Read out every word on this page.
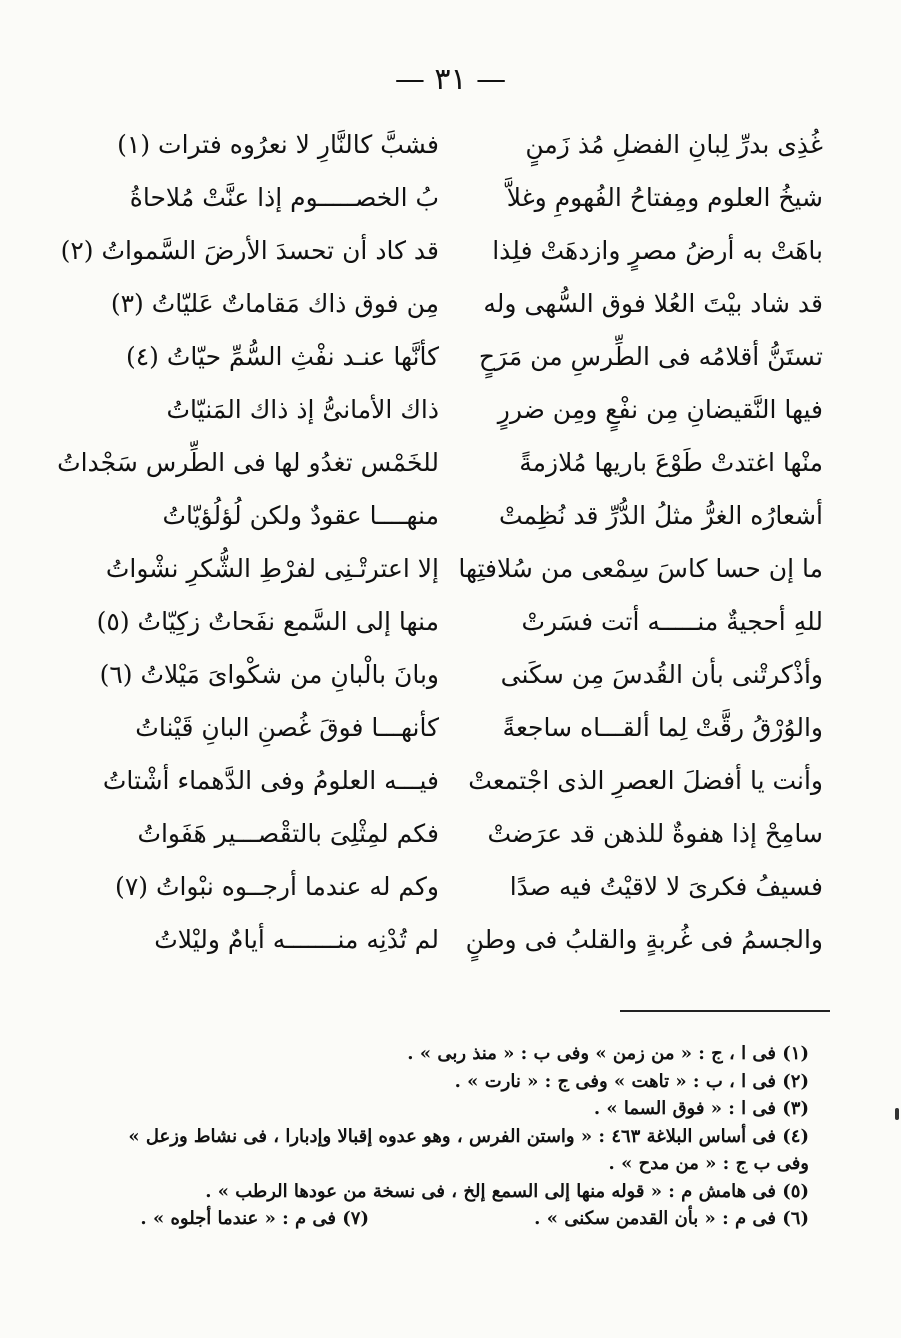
— ٣١ —
غُذِى بدرِّ لِبانِ الفضلِ مُذ زَمنٍ
فشبَّ كالنَّارِ لا نعرُوه فترات (١)
شيخُ العلوم ومِفتاحُ الفُهومِ وغلاَّ
بُ الخصـــــوم إذا عنَّتْ مُلاحاةُ
باهَتْ به أرضُ مصرٍ وازدهَتْ فلِذا
قد كاد أن تحسدَ الأرضَ السَّمواتُ (٢)
قد شاد بيْتَ العُلا فوق السُّهى وله
مِن فوق ذاك مَقاماتٌ عَليّاتُ (٣)
تستَنُّ أقلامُه فى الطِّرسِ من مَرَحٍ
كأنَّها عنـد نفْثِ السُّمِّ حيّاتُ (٤)
فيها النَّقيضانِ مِن نفْعٍ ومِن ضررٍ
ذاك الأمانىُّ إذ ذاك المَنيّاتُ
منْها اغتدتْ طَوْعَ باريها مُلازمةً
للخَمْس تغدُو لها فى الطِّرس سَجْداتُ
أشعارُه الغرُّ مثلُ الدُّرِّ قد نُظِمتْ
منهــــا عقودٌ ولكن لُؤلُؤيّاتُ
ما إن حسا كاسَ سِمْعى من سُلافتِها
إلا اعترتْـنِى لفرْطِ الشُّكرِ نشْواتُ
للهِ أحجيةٌ منـــــه أتت فسَرتْ
منها إلى السَّمع نفَحاتٌ زكِيّاتُ (٥)
وأذْكرتْنى بأن القُدسَ مِن سكَنى
وبانَ بالْبانِ من شكْواىَ مَيْلاتُ (٦)
والوُرْقُ رقَّتْ لِما ألقـــاه ساجعةً
كأنهـــا فوقَ غُصنِ البانِ قَيْناتُ
وأنت يا أفضلَ العصرِ الذى اجْتمعتْ
فيـــه العلومُ وفى الدَّهماء أشْتاتُ
سامِحْ إذا هفوةٌ للذهن قد عرَضتْ
فكم لمِثْلِىَ بالتقْصـــير هَفَواتُ
فسيفُ فكرىَ لا لاقيْتُ فيه صدًا
وكم له عندما أرجــوه نبْواتُ (٧)
والجسمُ فى غُربةٍ والقلبُ فى وطنٍ
لم تُدْنِه منـــــــه أيامٌ وليْلاتُ
(١) فى ا ، ج : « من زمن » وفى ب : « منذ ربى » .
(٢) فى ا ، ب : « تاهت » وفى ج : « نارت » .
(٣) فى ا : « فوق السما » .
(٤) فى أساس البلاغة ٤٦٣ : « واستن الفرس ، وهو عدوه إقبالا وإدبارا ، فى نشاط وزعل »
وفى ب ج : « من مدح » .
(٥) فى هامش م : « قوله منها إلى السمع إلخ ، فى نسخة من عودها الرطب » .
(٦) فى م : « بأن القدمن سكنى » .
(٧) فى م : « عندما أجلوه » .
